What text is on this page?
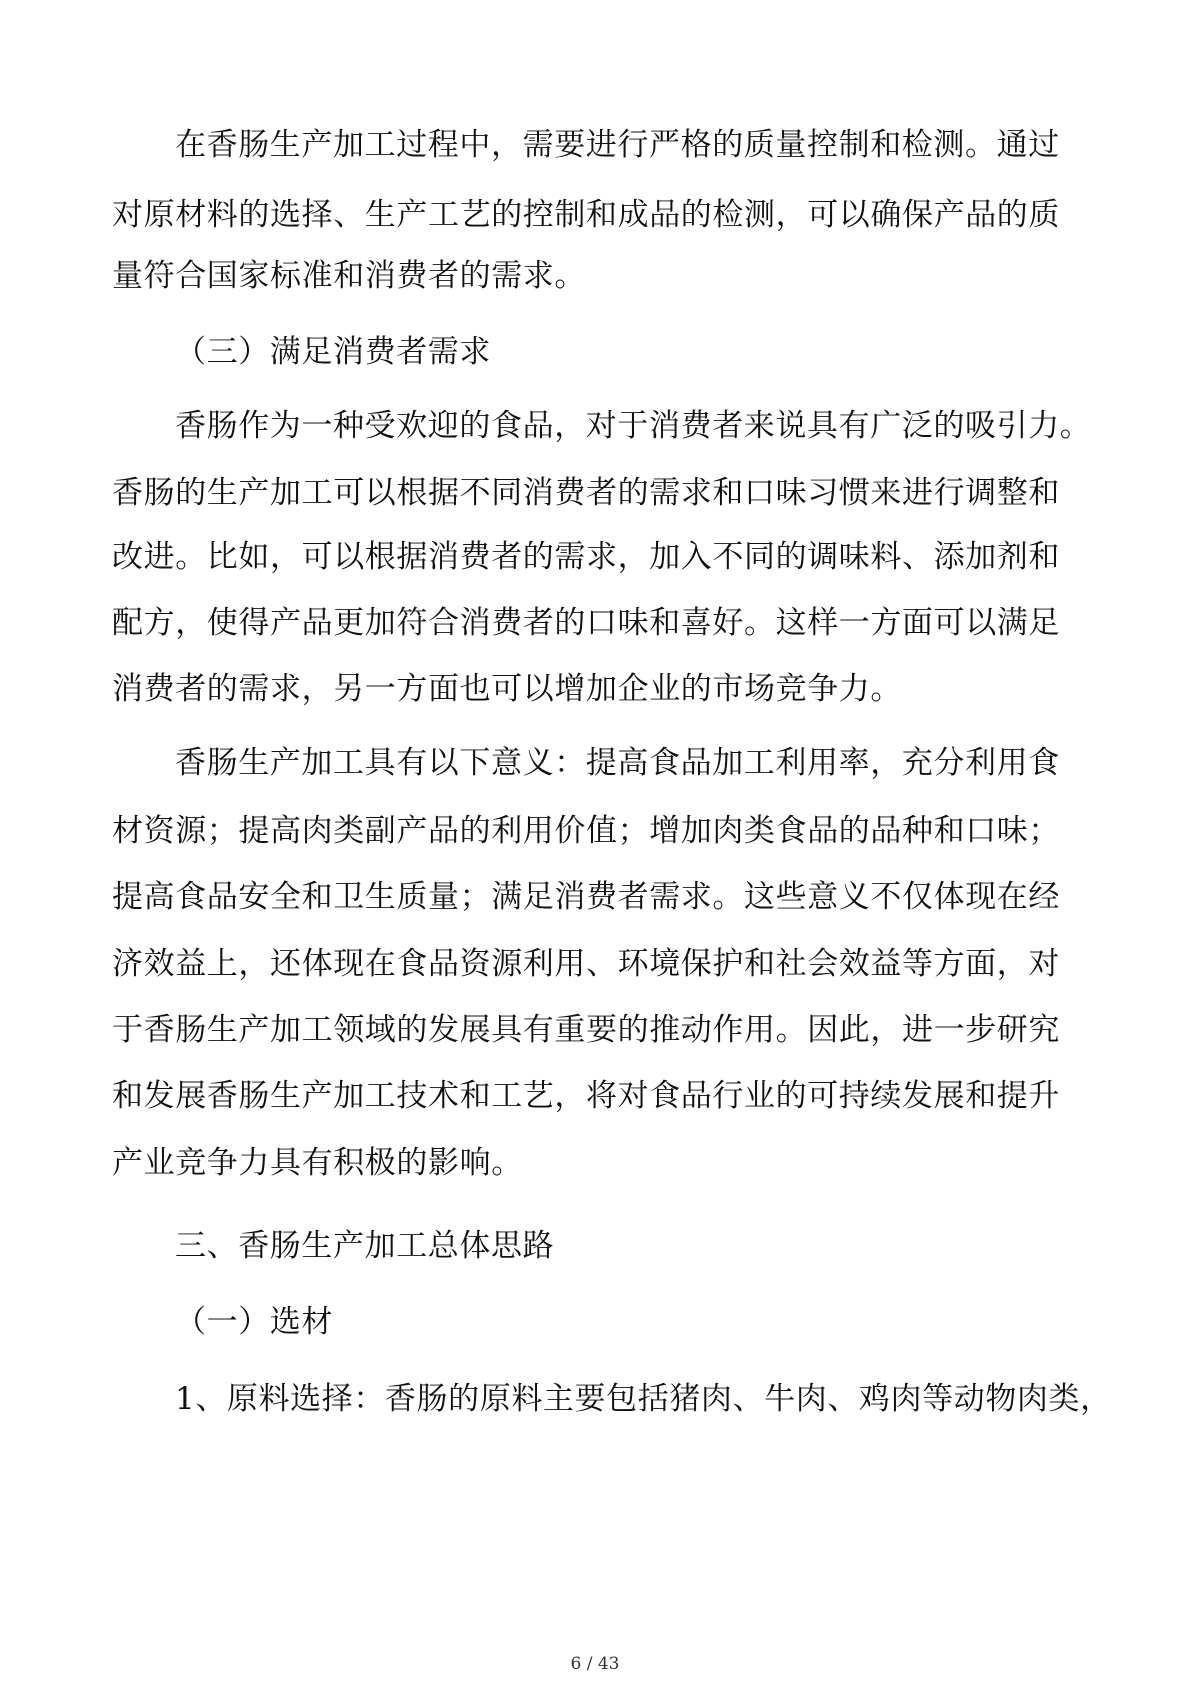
在香肠生产加工过程中，需要进行严格的质量控制和检测。通过
对原材料的选择、生产工艺的控制和成品的检测，可以确保产品的质
量符合国家标准和消费者的需求。
（三）满足消费者需求
香肠作为一种受欢迎的食品，对于消费者来说具有广泛的吸引力。
香肠的生产加工可以根据不同消费者的需求和口味习惯来进行调整和
改进。比如，可以根据消费者的需求，加入不同的调味料、添加剂和
配方，使得产品更加符合消费者的口味和喜好。这样一方面可以满足
消费者的需求，另一方面也可以增加企业的市场竞争力。
香肠生产加工具有以下意义：提高食品加工利用率，充分利用食
材资源；提高肉类副产品的利用价值；增加肉类食品的品种和口味；
提高食品安全和卫生质量；满足消费者需求。这些意义不仅体现在经
济效益上，还体现在食品资源利用、环境保护和社会效益等方面，对
于香肠生产加工领域的发展具有重要的推动作用。因此，进一步研究
和发展香肠生产加工技术和工艺，将对食品行业的可持续发展和提升
产业竞争力具有积极的影响。
三、香肠生产加工总体思路
（一）选材
1、原料选择：香肠的原料主要包括猪肉、牛肉、鸡肉等动物肉类，
6 / 43
